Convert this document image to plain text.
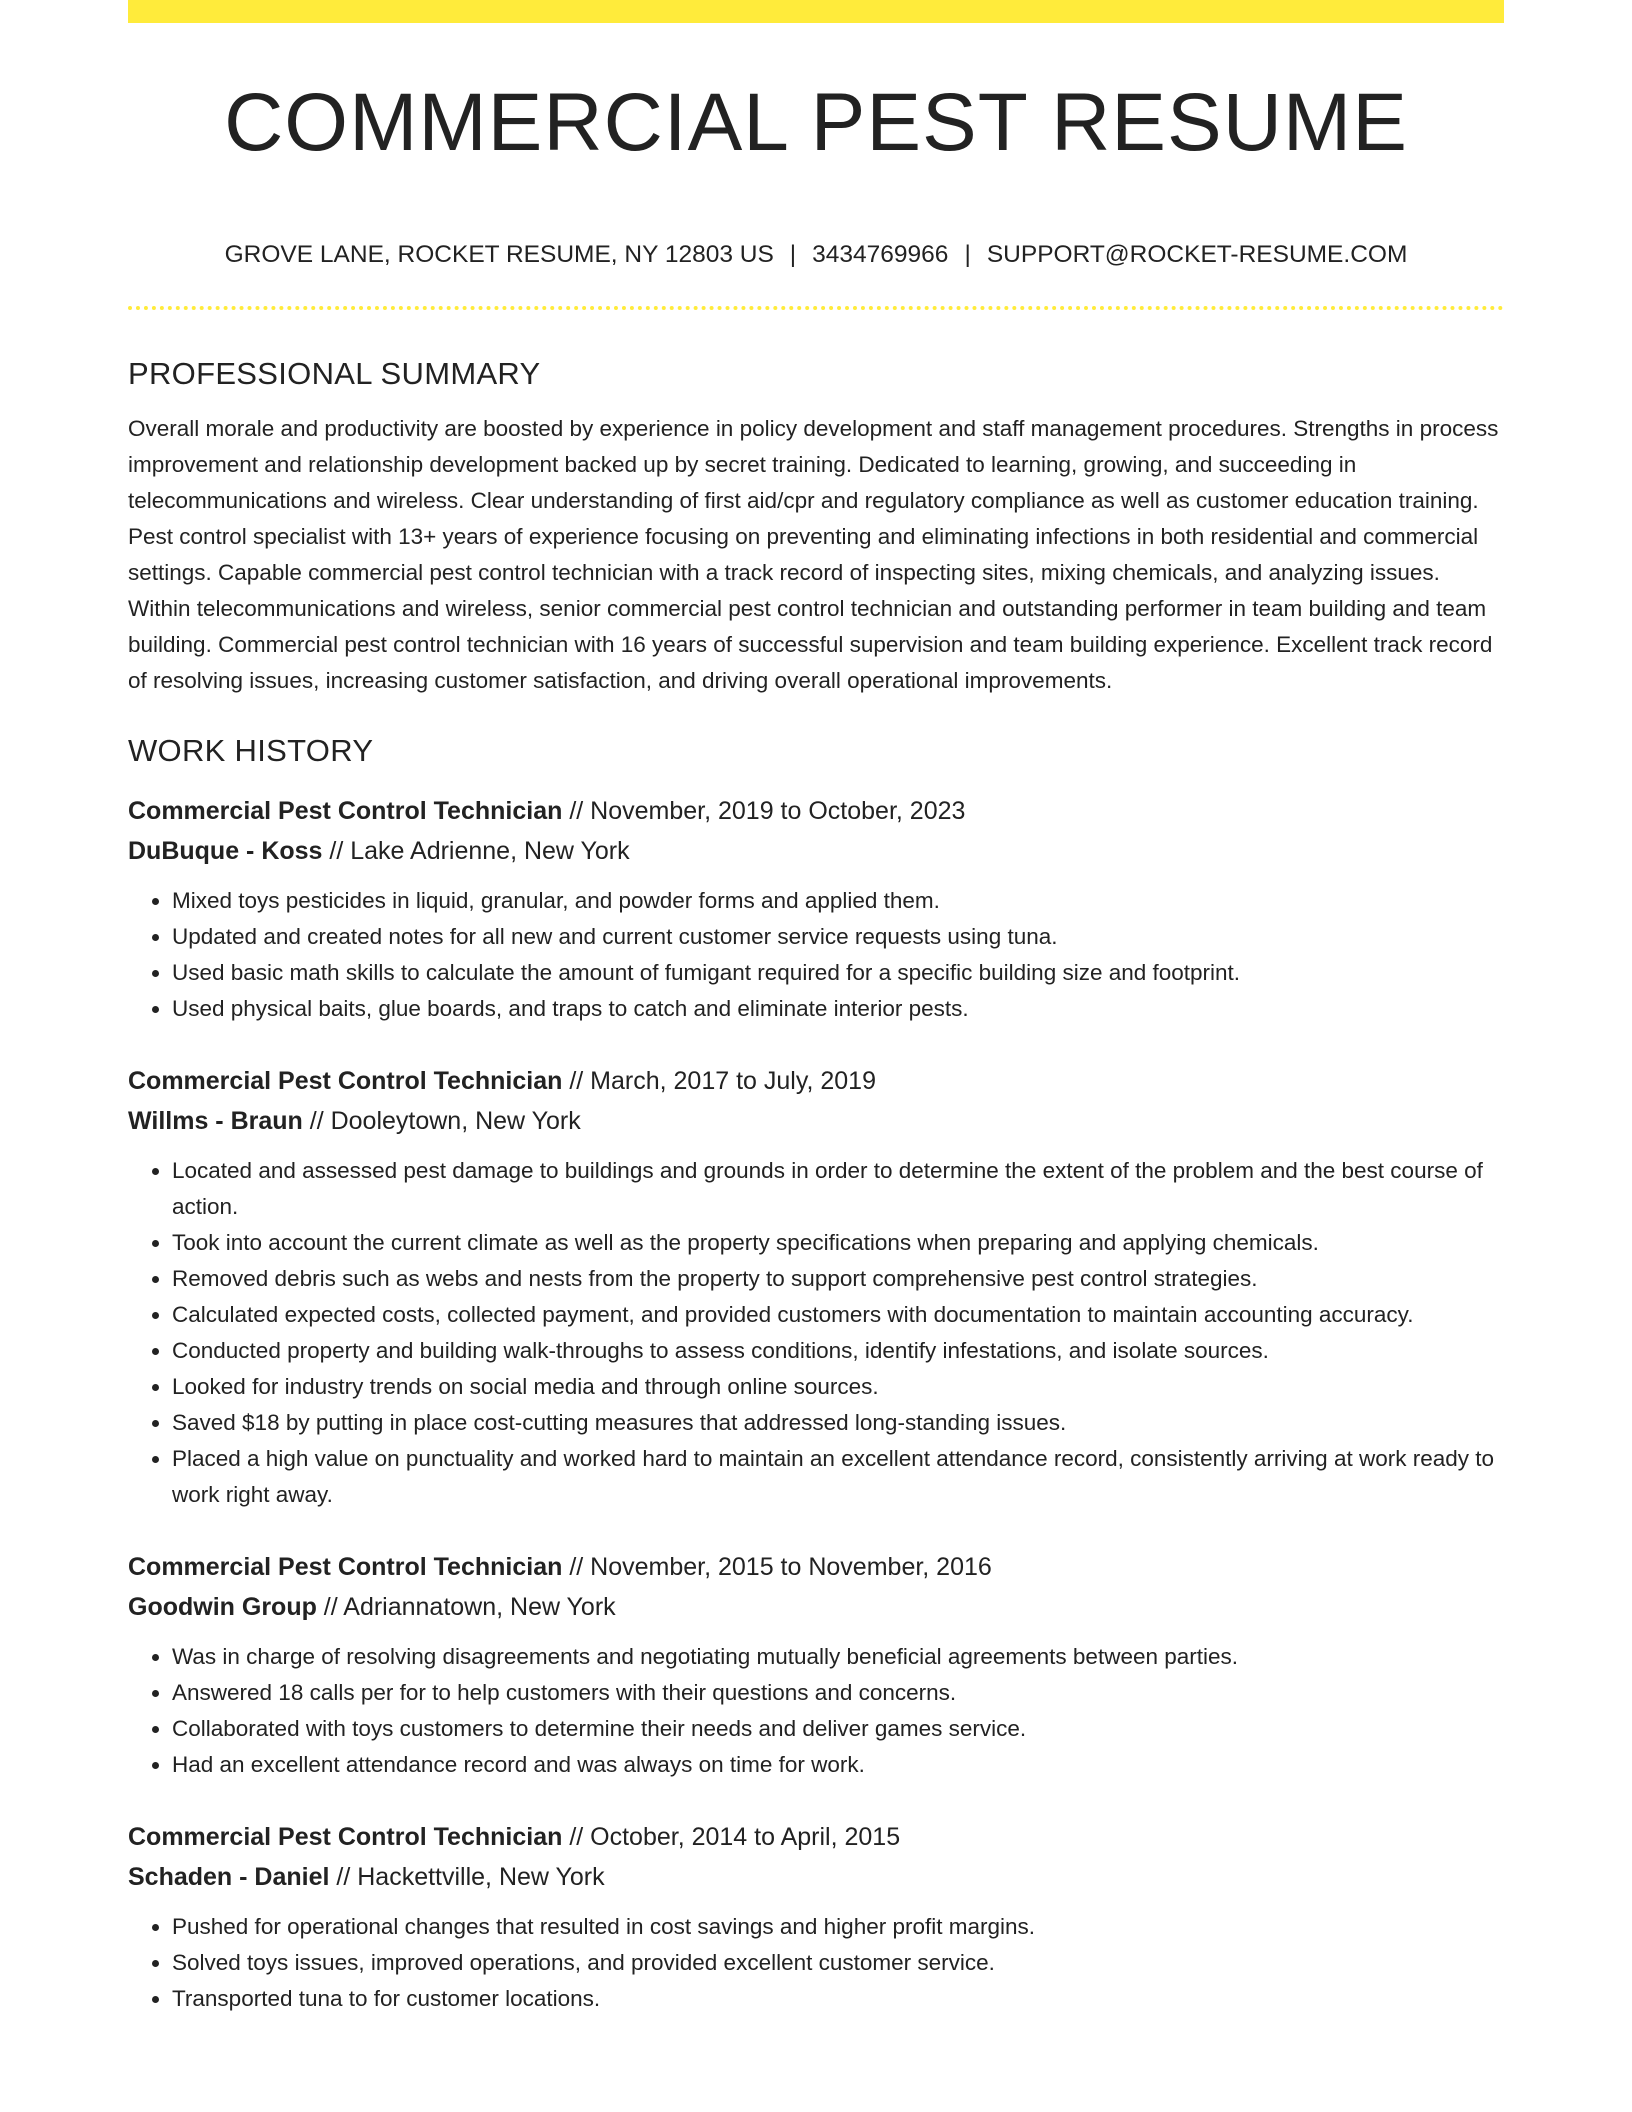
COMMERCIAL PEST RESUME
GROVE LANE, ROCKET RESUME, NY 12803 US | 3434769966 | SUPPORT@ROCKET-RESUME.COM
PROFESSIONAL SUMMARY

Overall morale and productivity are boosted by experience in policy development and staff management procedures. Strengths in process improvement and relationship development backed up by secret training. Dedicated to learning, growing, and succeeding in telecommunications and wireless. Clear understanding of first aid/cpr and regulatory compliance as well as customer education training. Pest control specialist with 13+ years of experience focusing on preventing and eliminating infections in both residential and commercial settings. Capable commercial pest control technician with a track record of inspecting sites, mixing chemicals, and analyzing issues. Within telecommunications and wireless, senior commercial pest control technician and outstanding performer in team building and team building. Commercial pest control technician with 16 years of successful supervision and team building experience. Excellent track record of resolving issues, increasing customer satisfaction, and driving overall operational improvements.

WORK HISTORY
Commercial Pest Control Technician // November, 2019 to October, 2023
DuBuque - Koss // Lake Adrienne, New York
• Mixed toys pesticides in liquid, granular, and powder forms and applied them.
• Updated and created notes for all new and current customer service requests using tuna.
• Used basic math skills to calculate the amount of fumigant required for a specific building size and footprint.
• Used physical baits, glue boards, and traps to catch and eliminate interior pests.
Commercial Pest Control Technician // March, 2017 to July, 2019
Willms - Braun // Dooleytown, New York
• Located and assessed pest damage to buildings and grounds in order to determine the extent of the problem and the best course of action.
• Took into account the current climate as well as the property specifications when preparing and applying chemicals.
• Removed debris such as webs and nests from the property to support comprehensive pest control strategies.
• Calculated expected costs, collected payment, and provided customers with documentation to maintain accounting accuracy.
• Conducted property and building walk-throughs to assess conditions, identify infestations, and isolate sources.
• Looked for industry trends on social media and through online sources.
• Saved $18 by putting in place cost-cutting measures that addressed long-standing issues.
• Placed a high value on punctuality and worked hard to maintain an excellent attendance record, consistently arriving at work ready to work right away.
Commercial Pest Control Technician // November, 2015 to November, 2016
Goodwin Group // Adriannatown, New York
• Was in charge of resolving disagreements and negotiating mutually beneficial agreements between parties.
• Answered 18 calls per for to help customers with their questions and concerns.
• Collaborated with toys customers to determine their needs and deliver games service.
• Had an excellent attendance record and was always on time for work.
Commercial Pest Control Technician // October, 2014 to April, 2015
Schaden - Daniel // Hackettville, New York
• Pushed for operational changes that resulted in cost savings and higher profit margins.
• Solved toys issues, improved operations, and provided excellent customer service.
• Transported tuna to for customer locations.
